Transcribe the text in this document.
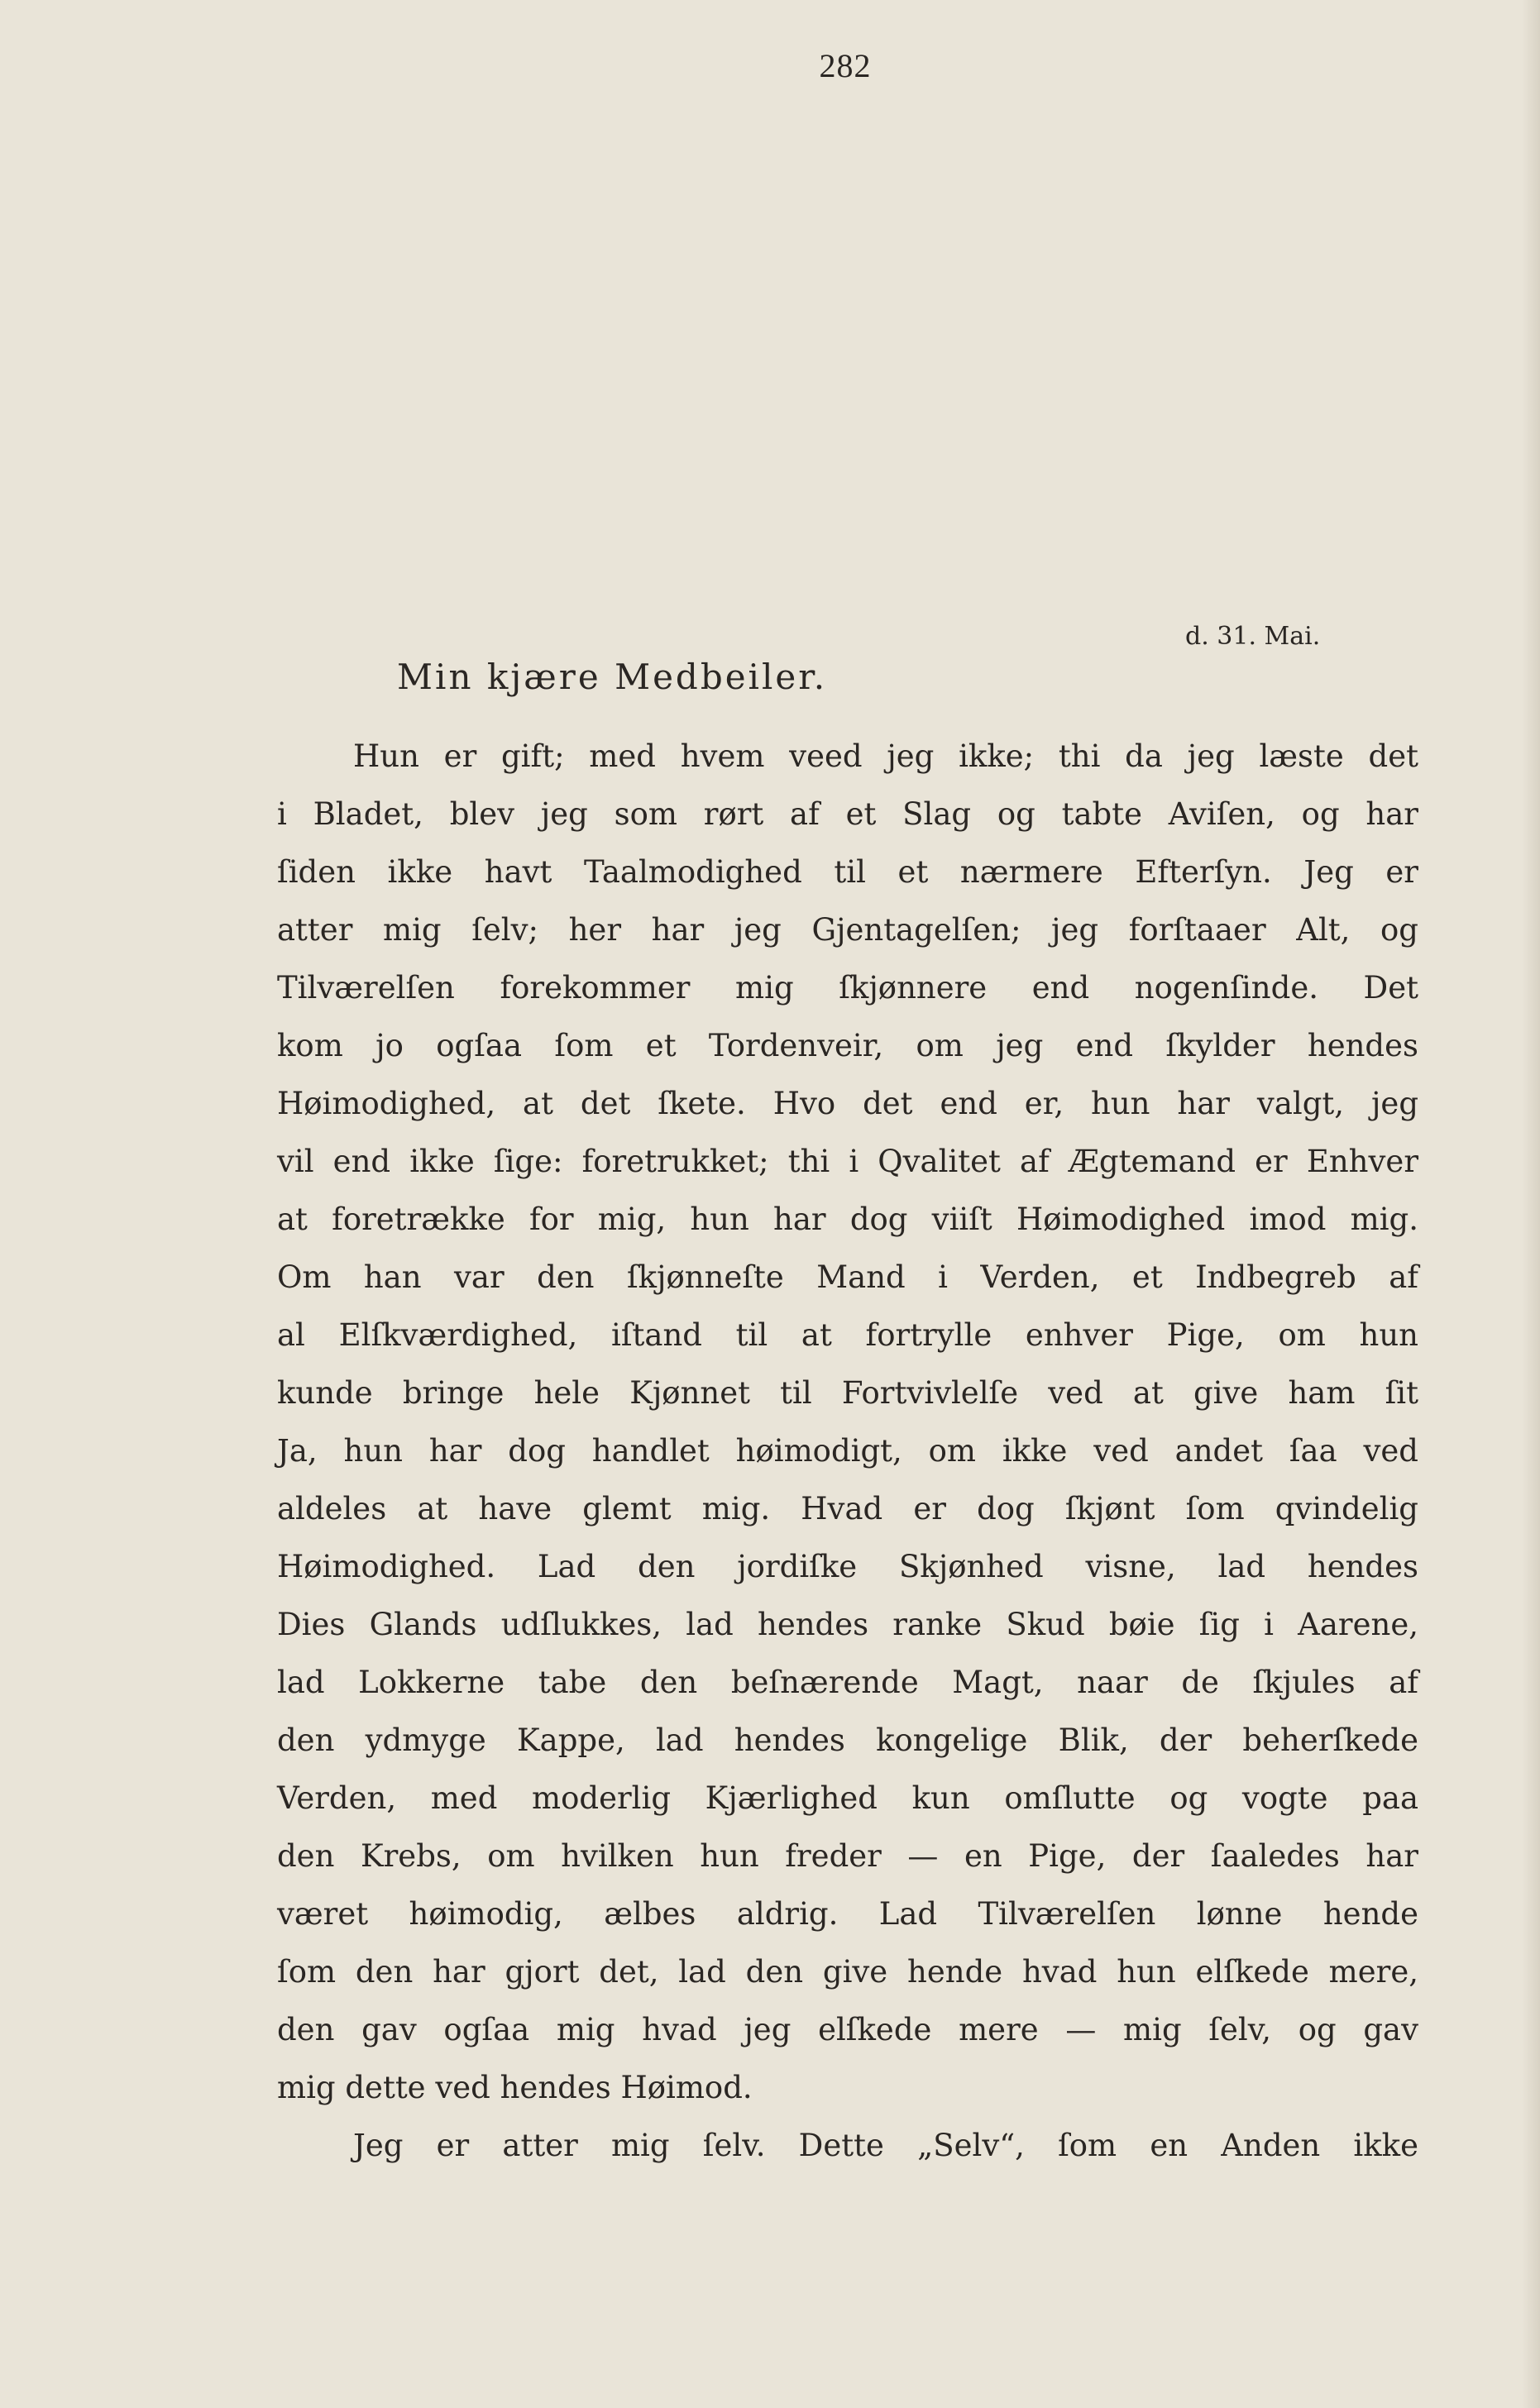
282
d. 31. Mai.
Min kjære Medbeiler.
Hun er gift; med hvem veed jeg ikke; thi da jeg læste det
i Bladet, blev jeg som rørt af et Slag og tabte Aviſen, og har
ſiden ikke havt Taalmodighed til et nærmere Efterſyn. Jeg er
atter mig ſelv; her har jeg Gjentagelſen; jeg forſtaaer Alt, og
Tilværelſen forekommer mig ſkjønnere end nogenſinde. Det
kom jo ogſaa ſom et Tordenveir, om jeg end ſkylder hendes
Høimodighed, at det ſkete. Hvo det end er, hun har valgt, jeg
vil end ikke ſige: foretrukket; thi i Qvalitet af Ægtemand er Enhver
at foretrække for mig, hun har dog viiſt Høimodighed imod mig.
Om han var den ſkjønneſte Mand i Verden, et Indbegreb af
al Elſkværdighed, iſtand til at fortrylle enhver Pige, om hun
kunde bringe hele Kjønnet til Fortvivlelſe ved at give ham ſit
Ja, hun har dog handlet høimodigt, om ikke ved andet ſaa ved
aldeles at have glemt mig. Hvad er dog ſkjønt ſom qvindelig
Høimodighed. Lad den jordiſke Skjønhed visne, lad hendes
Dies Glands udſlukkes, lad hendes ranke Skud bøie ſig i Aarene,
lad Lokkerne tabe den beſnærende Magt, naar de ſkjules af
den ydmyge Kappe, lad hendes kongelige Blik, der beherſkede
Verden, med moderlig Kjærlighed kun omſlutte og vogte paa
den Krebs, om hvilken hun freder — en Pige, der ſaaledes har
været høimodig, ælbes aldrig. Lad Tilværelſen lønne hende
ſom den har gjort det, lad den give hende hvad hun elſkede mere,
den gav ogſaa mig hvad jeg elſkede mere — mig ſelv, og gav
mig dette ved hendes Høimod.
Jeg er atter mig ſelv. Dette „Selv“, ſom en Anden ikke
